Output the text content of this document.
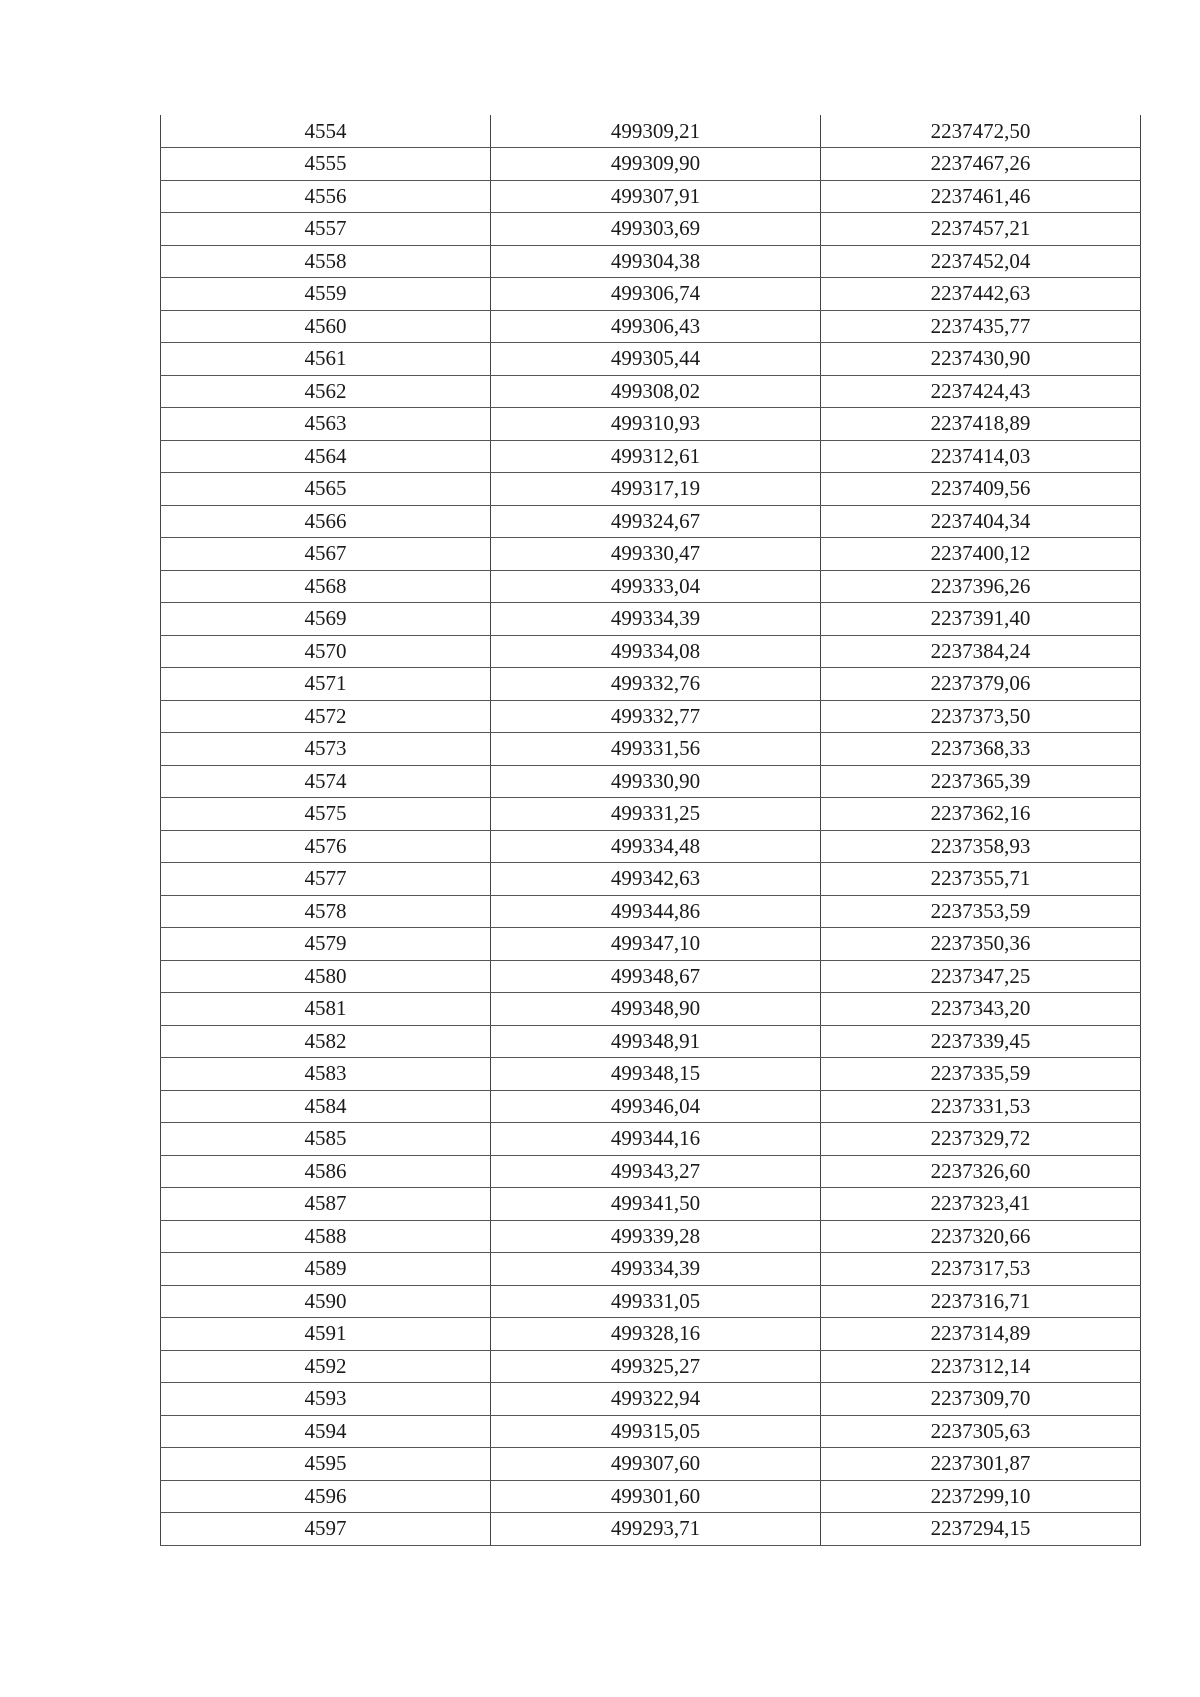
4554	499309,21	2237472,50
4555	499309,90	2237467,26
4556	499307,91	2237461,46
4557	499303,69	2237457,21
4558	499304,38	2237452,04
4559	499306,74	2237442,63
4560	499306,43	2237435,77
4561	499305,44	2237430,90
4562	499308,02	2237424,43
4563	499310,93	2237418,89
4564	499312,61	2237414,03
4565	499317,19	2237409,56
4566	499324,67	2237404,34
4567	499330,47	2237400,12
4568	499333,04	2237396,26
4569	499334,39	2237391,40
4570	499334,08	2237384,24
4571	499332,76	2237379,06
4572	499332,77	2237373,50
4573	499331,56	2237368,33
4574	499330,90	2237365,39
4575	499331,25	2237362,16
4576	499334,48	2237358,93
4577	499342,63	2237355,71
4578	499344,86	2237353,59
4579	499347,10	2237350,36
4580	499348,67	2237347,25
4581	499348,90	2237343,20
4582	499348,91	2237339,45
4583	499348,15	2237335,59
4584	499346,04	2237331,53
4585	499344,16	2237329,72
4586	499343,27	2237326,60
4587	499341,50	2237323,41
4588	499339,28	2237320,66
4589	499334,39	2237317,53
4590	499331,05	2237316,71
4591	499328,16	2237314,89
4592	499325,27	2237312,14
4593	499322,94	2237309,70
4594	499315,05	2237305,63
4595	499307,60	2237301,87
4596	499301,60	2237299,10
4597	499293,71	2237294,15
